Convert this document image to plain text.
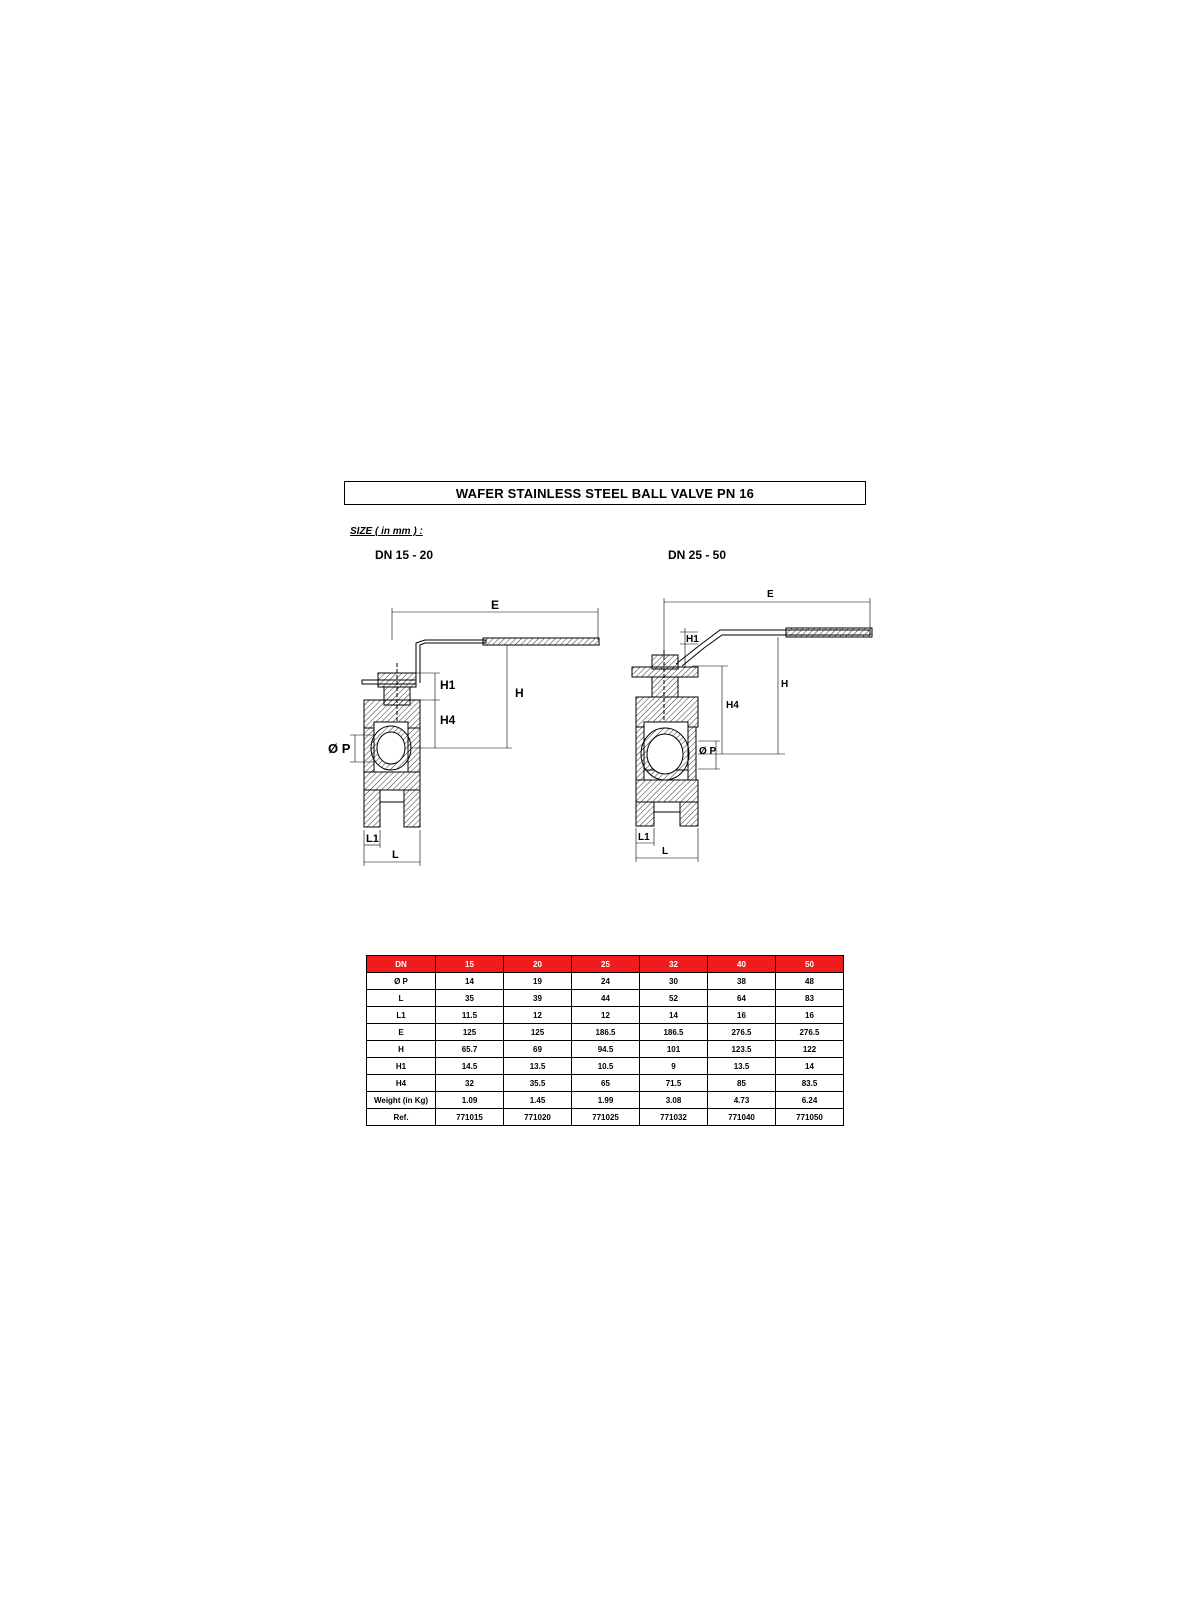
WAFER STAINLESS STEEL BALL VALVE PN 16
SIZE ( in mm ) :
DN 15 - 20	DN 25 - 50
E
H
H1
H4
Ø P
L1
L
E
H
H1
H4
Ø P
L1
L
DN	15	20	25	32	40	50
Ø P	14	19	24	30	38	48
L	35	39	44	52	64	83
L1	11.5	12	12	14	16	16
E	125	125	186.5	186.5	276.5	276.5
H	65.7	69	94.5	101	123.5	122
H1	14.5	13.5	10.5	9	13.5	14
H4	32	35.5	65	71.5	85	83.5
Weight (in Kg)	1.09	1.45	1.99	3.08	4.73	6.24
Ref.	771015	771020	771025	771032	771040	771050
